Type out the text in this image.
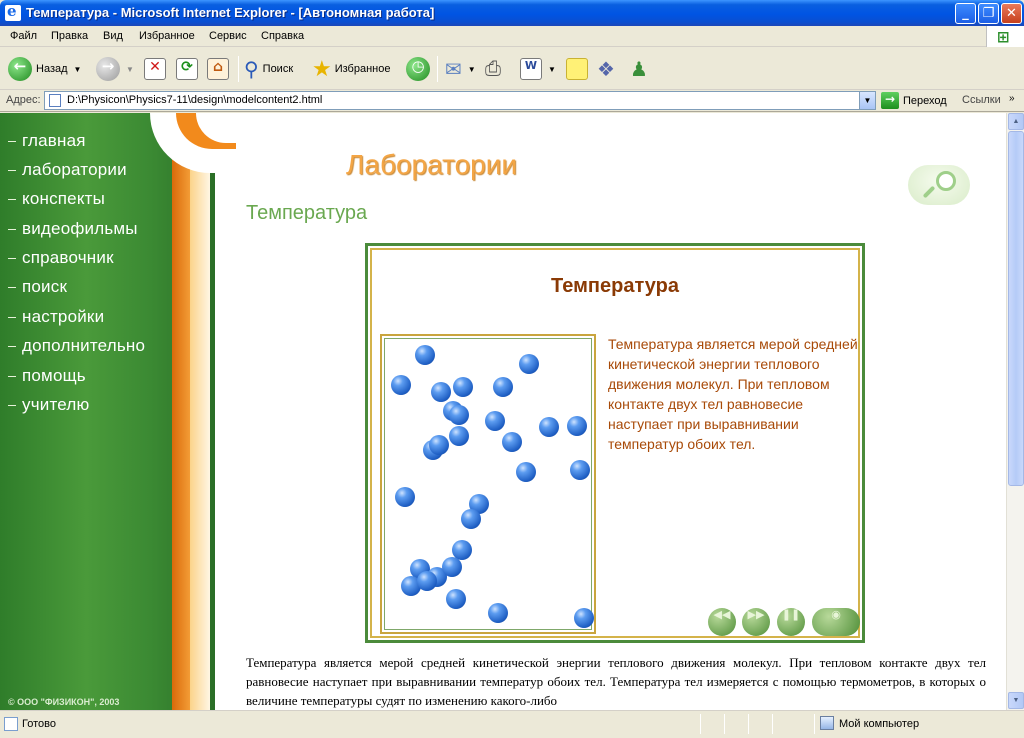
e
Температура - Microsoft Internet Explorer - [Автономная работа]	_	❐ ✕
Файл Правка Вид Избранное Сервис Справка	⊞
← Назад ▼	→	▼	✕	⟳	⌂ ⚲ Поиск ★ Избранное	◷ ✉ ▼ ⎙	W	▼ ❖ ♟
Адрес: D:\Physicon\Physics7-11\design\modelcontent2.html	▼	→ Переход Ссылки »
главная
лаборатории
конспекты
видеофильмы
справочник
поиск
настройки
дополнительно
помощь
учителю
© ООО "ФИЗИКОН", 2003
Лаборатории
Температура
Температура
Температура является мерой средней кинетической энергии теплового движения молекул. При тепловом контакте двух тел равновесие наступает при выравнивании температур обоих тел.
◀◀	▶▶	❚❚	◉
Температура является мерой средней кинетической энергии теплового движения молекул. При тепловом контакте двух тел равновесие наступает при выравнивании температур обоих тел. Температура тел измеряется с помощью термометров, в которых о величине температуры судят по изменению какого-либо
▲
▼
Готово	Мой компьютер
